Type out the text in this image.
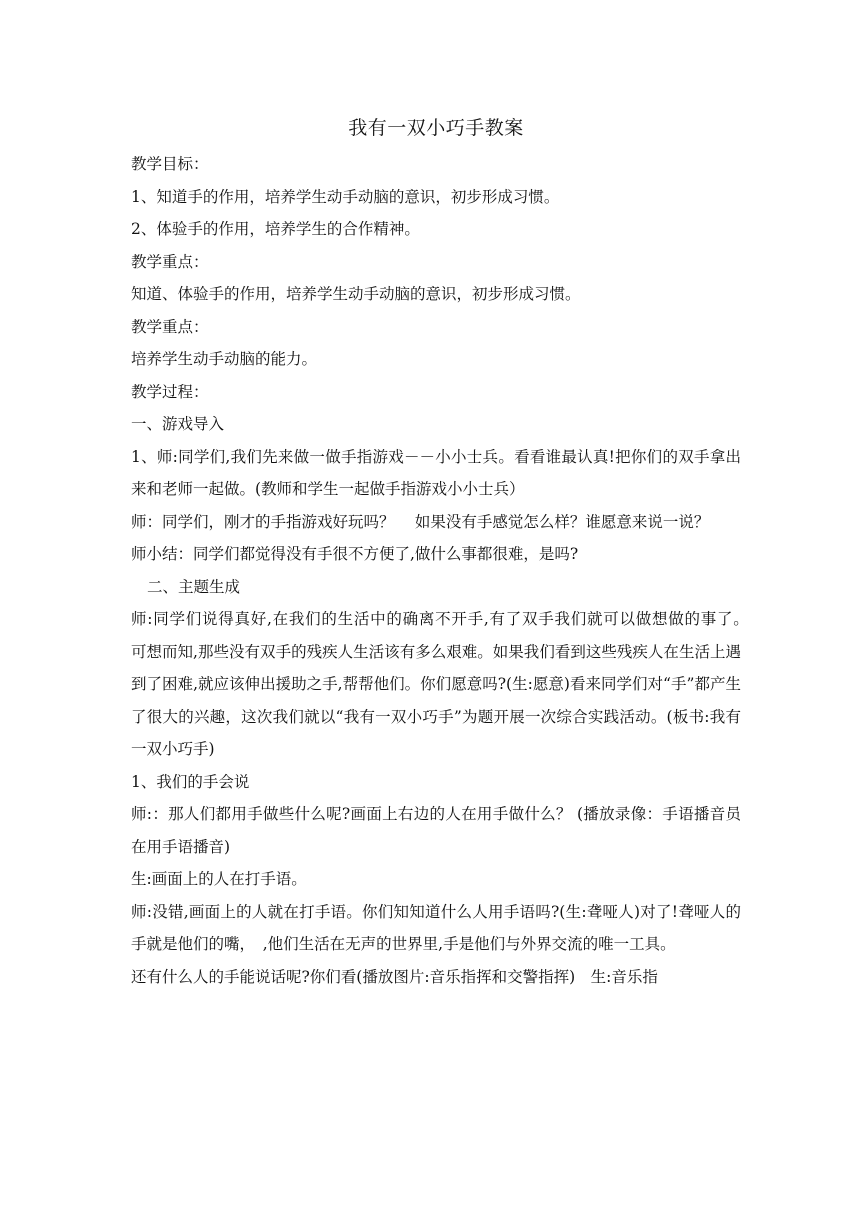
我有一双小巧手教案

教学目标：

1、知道手的作用，培养学生动手动脑的意识，初步形成习惯。

2、体验手的作用，培养学生的合作精神。

教学重点：

知道、体验手的作用，培养学生动手动脑的意识，初步形成习惯。

教学重点：

培养学生动手动脑的能力。

教学过程：

一、游戏导入

1、师:同学们,我们先来做一做手指游戏－－小小士兵。看看谁最认真!把你们的双手拿出来和老师一起做。(教师和学生一起做手指游戏小小士兵）

师：同学们，刚才的手指游戏好玩吗？　 如果没有手感觉怎么样？谁愿意来说一说？

师小结：同学们都觉得没有手很不方便了,做什么事都很难，是吗?

二、主题生成

师:同学们说得真好,在我们的生活中的确离不开手,有了双手我们就可以做想做的事了。　可想而知,那些没有双手的残疾人生活该有多么艰难。如果我们看到这些残疾人在生活上遇到了困难,就应该伸出援助之手,帮帮他们。你们愿意吗?(生:愿意)看来同学们对“手”都产生了很大的兴趣，这次我们就以“我有一双小巧手”为题开展一次综合实践活动。(板书:我有一双小巧手)

1、我们的手会说

师:：那人们都用手做些什么呢?画面上右边的人在用手做什么？ (播放录像：手语播音员在用手语播音)

生:画面上的人在打手语。

师:没错,画面上的人就在打手语。你们知知道什么人用手语吗?(生:聋哑人)对了!聋哑人的手就是他们的嘴，　,他们生活在无声的世界里,手是他们与外界交流的唯一工具。

还有什么人的手能说话呢?你们看(播放图片:音乐指挥和交警指挥)　生:音乐指
